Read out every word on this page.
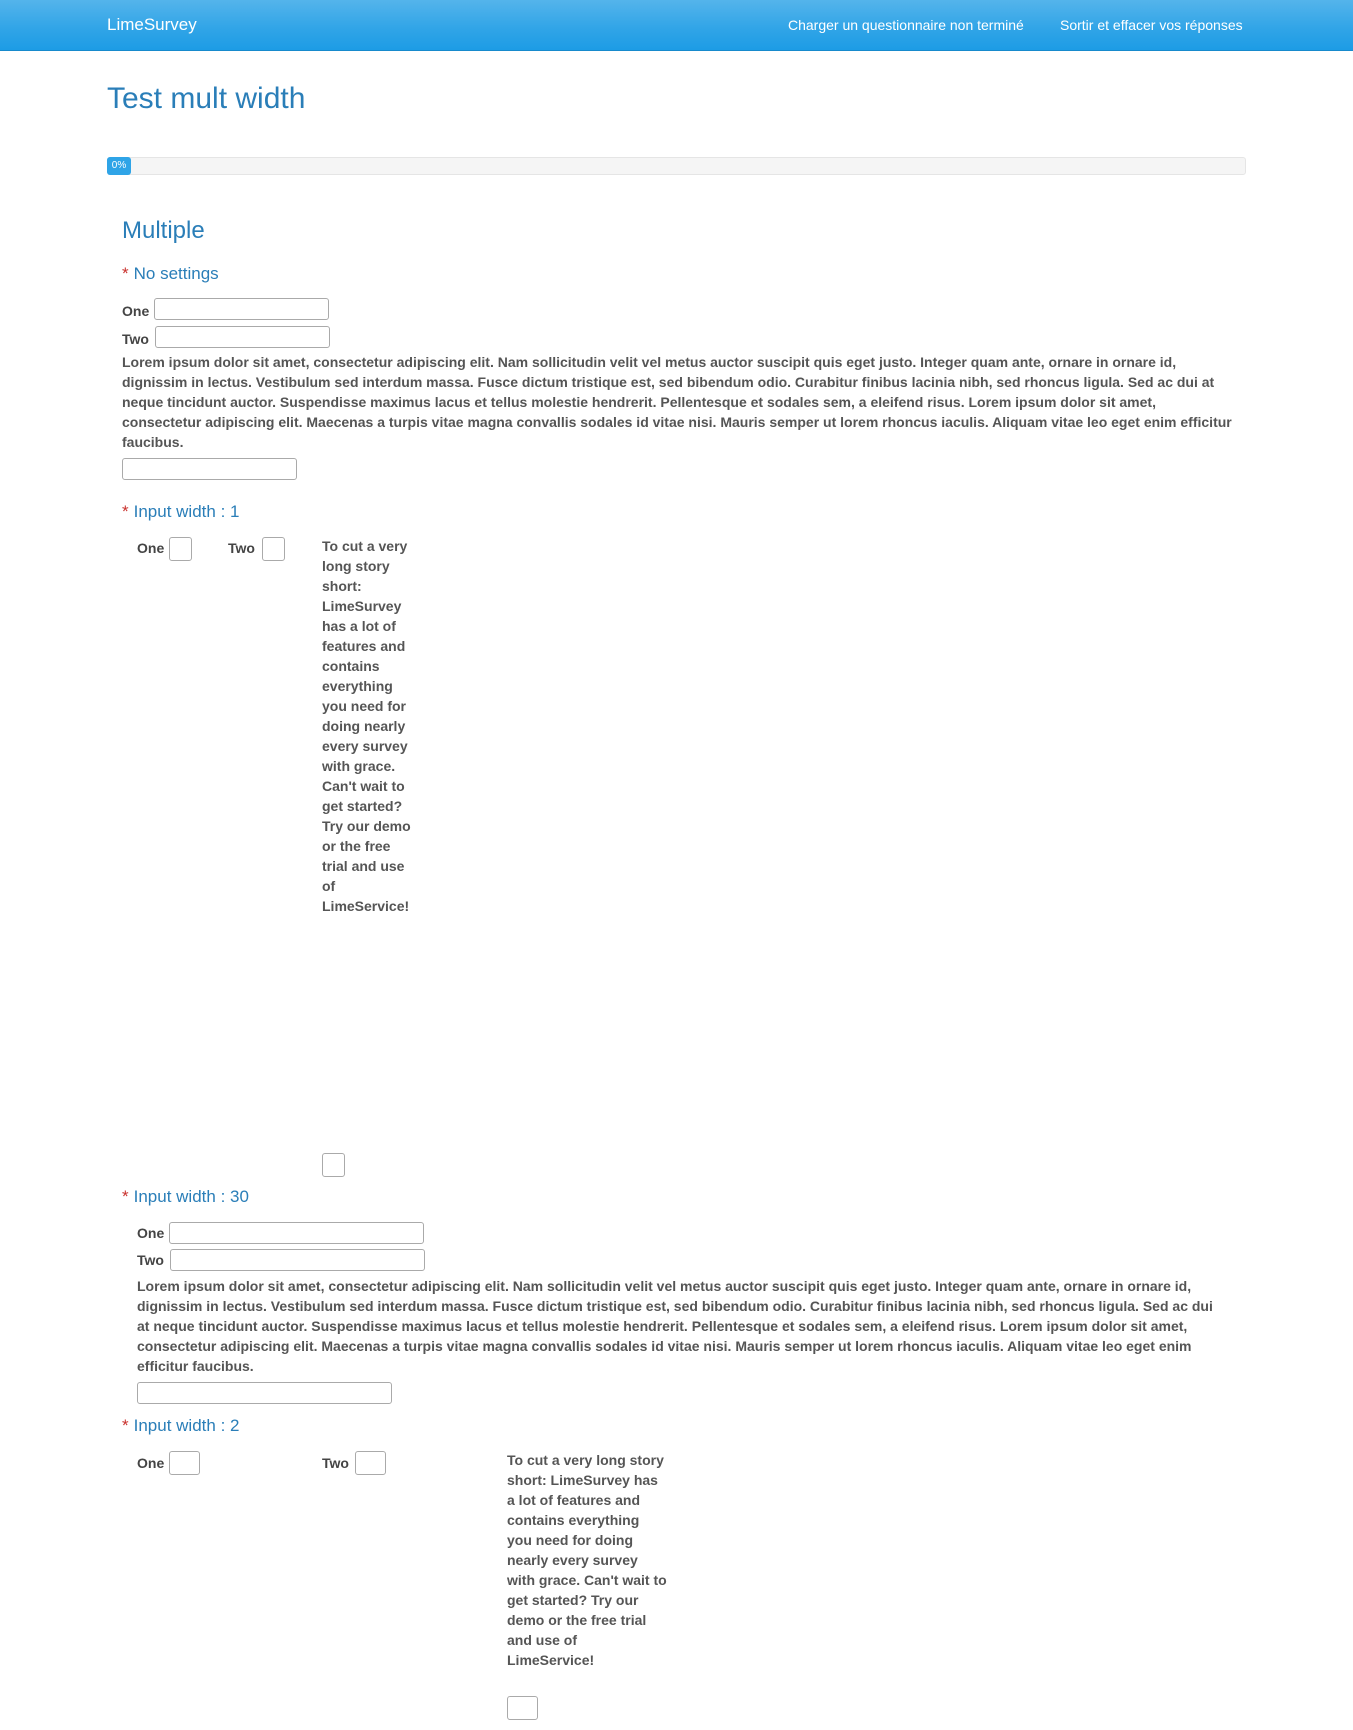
LimeSurvey	Charger un questionnaire non terminé	Sortir et effacer vos réponses
Test mult width
0%
Multiple
* No settings
One
Two
Lorem ipsum dolor sit amet, consectetur adipiscing elit. Nam sollicitudin velit vel metus auctor suscipit quis eget justo. Integer quam ante, ornare in ornare id, dignissim in lectus. Vestibulum sed interdum massa. Fusce dictum tristique est, sed bibendum odio. Curabitur finibus lacinia nibh, sed rhoncus ligula. Sed ac dui at neque tincidunt auctor. Suspendisse maximus lacus et tellus molestie hendrerit. Pellentesque et sodales sem, a eleifend risus. Lorem ipsum dolor sit amet, consectetur adipiscing elit. Maecenas a turpis vitae magna convallis sodales id vitae nisi. Mauris semper ut lorem rhoncus iaculis. Aliquam vitae leo eget enim efficitur faucibus.
* Input width : 1
One	Two	To cut a very long story short: LimeSurvey has a lot of features and contains everything you need for doing nearly every survey with grace. Can't wait to get started? Try our demo or the free trial and use of LimeService!
* Input width : 30
One
Two
Lorem ipsum dolor sit amet, consectetur adipiscing elit. Nam sollicitudin velit vel metus auctor suscipit quis eget justo. Integer quam ante, ornare in ornare id, dignissim in lectus. Vestibulum sed interdum massa. Fusce dictum tristique est, sed bibendum odio. Curabitur finibus lacinia nibh, sed rhoncus ligula. Sed ac dui at neque tincidunt auctor. Suspendisse maximus lacus et tellus molestie hendrerit. Pellentesque et sodales sem, a eleifend risus. Lorem ipsum dolor sit amet, consectetur adipiscing elit. Maecenas a turpis vitae magna convallis sodales id vitae nisi. Mauris semper ut lorem rhoncus iaculis. Aliquam vitae leo eget enim efficitur faucibus.
* Input width : 2
One	Two	To cut a very long story short: LimeSurvey has a lot of features and contains everything you need for doing nearly every survey with grace. Can't wait to get started? Try our demo or the free trial and use of LimeService!
